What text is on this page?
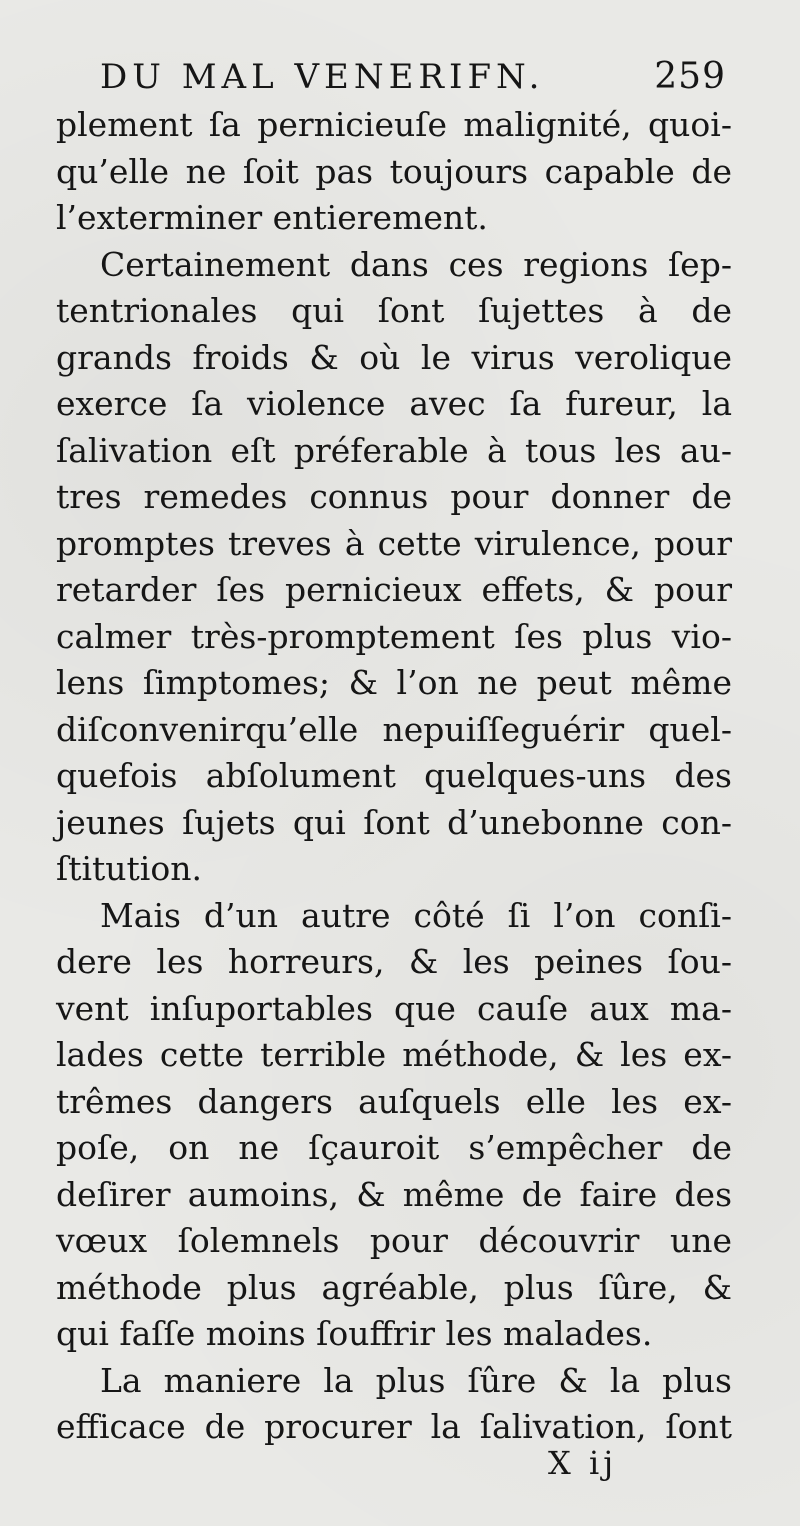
DU MAL VENERIFN.	259
plement ſa pernicieuſe malignité, quoi-
qu’elle ne ſoit pas toujours capable de
l’exterminer entierement.
Certainement dans ces regions ſep-
tentrionales qui ſont ſujettes à de
grands froids & où le virus verolique
exerce ſa violence avec ſa fureur, la
ſalivation eſt préferable à tous les au-
tres remedes connus pour donner de
promptes treves à cette virulence, pour
retarder ſes pernicieux effets, & pour
calmer très-promptement ſes plus vio-
lens ſimptomes; & l’on ne peut même
diſconvenirqu’elle nepuiſſeguérir quel-
quefois abſolument quelques-uns des
jeunes ſujets qui ſont d’unebonne con-
ſtitution.
Mais d’un autre côté ſi l’on conſi-
dere les horreurs, & les peines ſou-
vent inſuportables que cauſe aux ma-
lades cette terrible méthode, & les ex-
trêmes dangers auſquels elle les ex-
poſe, on ne ſçauroit s’empêcher de
deſirer aumoins, & même de faire des
vœux ſolemnels pour découvrir une
méthode plus agréable, plus ſûre, &
qui faſſe moins ſouffrir les malades.
La maniere la plus ſûre & la plus
efficace de procurer la ſalivation, ſont
X ij
